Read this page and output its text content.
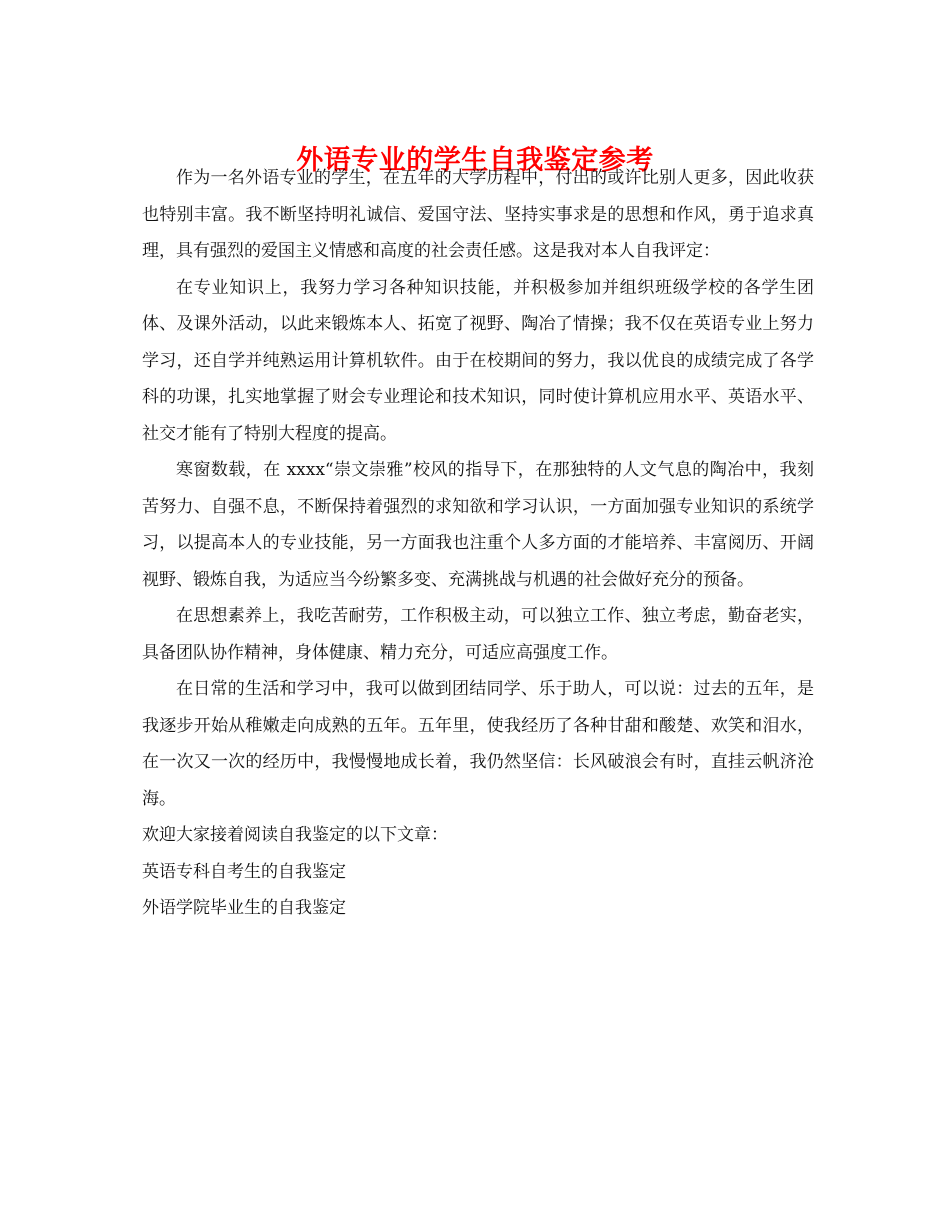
外语专业的学生自我鉴定参考

作为一名外语专业的学生，在五年的大学历程中，付出的或许比别人更多，因此收获也特别丰富。我不断坚持明礼诚信、爱国守法、坚持实事求是的思想和作风，勇于追求真理，具有强烈的爱国主义情感和高度的社会责任感。这是我对本人自我评定：

在专业知识上，我努力学习各种知识技能，并积极参加并组织班级学校的各学生团体、及课外活动，以此来锻炼本人、拓宽了视野、陶冶了情操；我不仅在英语专业上努力学习，还自学并纯熟运用计算机软件。由于在校期间的努力，我以优良的成绩完成了各学科的功课，扎实地掌握了财会专业理论和技术知识，同时使计算机应用水平、英语水平、社交才能有了特别大程度的提高。

寒窗数载，在 xxxx“崇文崇雅”校风的指导下，在那独特的人文气息的陶冶中，我刻苦努力、自强不息，不断保持着强烈的求知欲和学习认识，一方面加强专业知识的系统学习，以提高本人的专业技能，另一方面我也注重个人多方面的才能培养、丰富阅历、开阔视野、锻炼自我，为适应当今纷繁多变、充满挑战与机遇的社会做好充分的预备。

在思想素养上，我吃苦耐劳，工作积极主动，可以独立工作、独立考虑，勤奋老实，具备团队协作精神，身体健康、精力充分，可适应高强度工作。

在日常的生活和学习中，我可以做到团结同学、乐于助人，可以说：过去的五年，是我逐步开始从稚嫩走向成熟的五年。五年里，使我经历了各种甘甜和酸楚、欢笑和泪水，在一次又一次的经历中，我慢慢地成长着，我仍然坚信：长风破浪会有时，直挂云帆济沧海。

欢迎大家接着阅读自我鉴定的以下文章：

英语专科自考生的自我鉴定
外语学院毕业生的自我鉴定
